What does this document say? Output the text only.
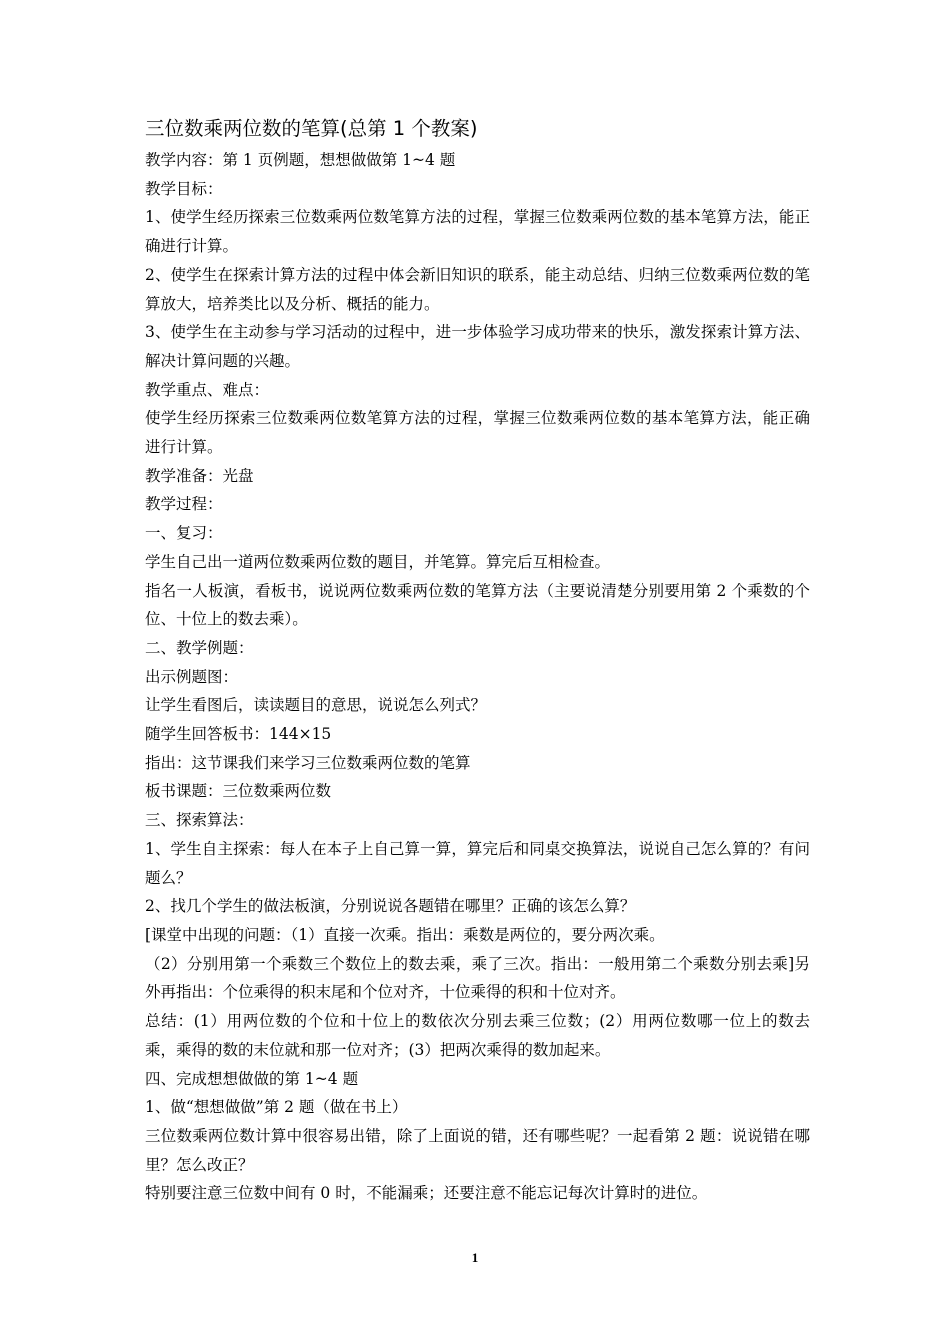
三位数乘两位数的笔算(总第 1 个教案)

教学内容：第 1 页例题，想想做做第 1~4 题

教学目标：

1、使学生经历探索三位数乘两位数笔算方法的过程，掌握三位数乘两位数的基本笔算方法，能正确进行计算。

2、使学生在探索计算方法的过程中体会新旧知识的联系，能主动总结、归纳三位数乘两位数的笔算放大，培养类比以及分析、概括的能力。

3、使学生在主动参与学习活动的过程中，进一步体验学习成功带来的快乐，激发探索计算方法、解决计算问题的兴趣。

教学重点、难点：

使学生经历探索三位数乘两位数笔算方法的过程，掌握三位数乘两位数的基本笔算方法，能正确进行计算。

教学准备：光盘

教学过程：

一、复习：

学生自己出一道两位数乘两位数的题目，并笔算。算完后互相检查。

指名一人板演，看板书，说说两位数乘两位数的笔算方法（主要说清楚分别要用第 2 个乘数的个位、十位上的数去乘）。

二、教学例题：

出示例题图：

让学生看图后，读读题目的意思，说说怎么列式？

随学生回答板书：144×15

指出：这节课我们来学习三位数乘两位数的笔算

板书课题：三位数乘两位数

三、探索算法：

1、学生自主探索：每人在本子上自己算一算，算完后和同桌交换算法，说说自己怎么算的？有问题么？

2、找几个学生的做法板演，分别说说各题错在哪里？正确的该怎么算？

[课堂中出现的问题：（1）直接一次乘。指出：乘数是两位的，要分两次乘。

（2）分别用第一个乘数三个数位上的数去乘，乘了三次。指出：一般用第二个乘数分别去乘]另外再指出：个位乘得的积末尾和个位对齐，十位乘得的积和十位对齐。

总结：(1）用两位数的个位和十位上的数依次分别去乘三位数；(2）用两位数哪一位上的数去乘，乘得的数的末位就和那一位对齐；(3）把两次乘得的数加起来。

四、完成想想做做的第 1~4 题

1、做“想想做做”第 2 题（做在书上）

三位数乘两位数计算中很容易出错，除了上面说的错，还有哪些呢？一起看第 2 题：说说错在哪里？怎么改正？

特别要注意三位数中间有 0 时，不能漏乘；还要注意不能忘记每次计算时的进位。

1
